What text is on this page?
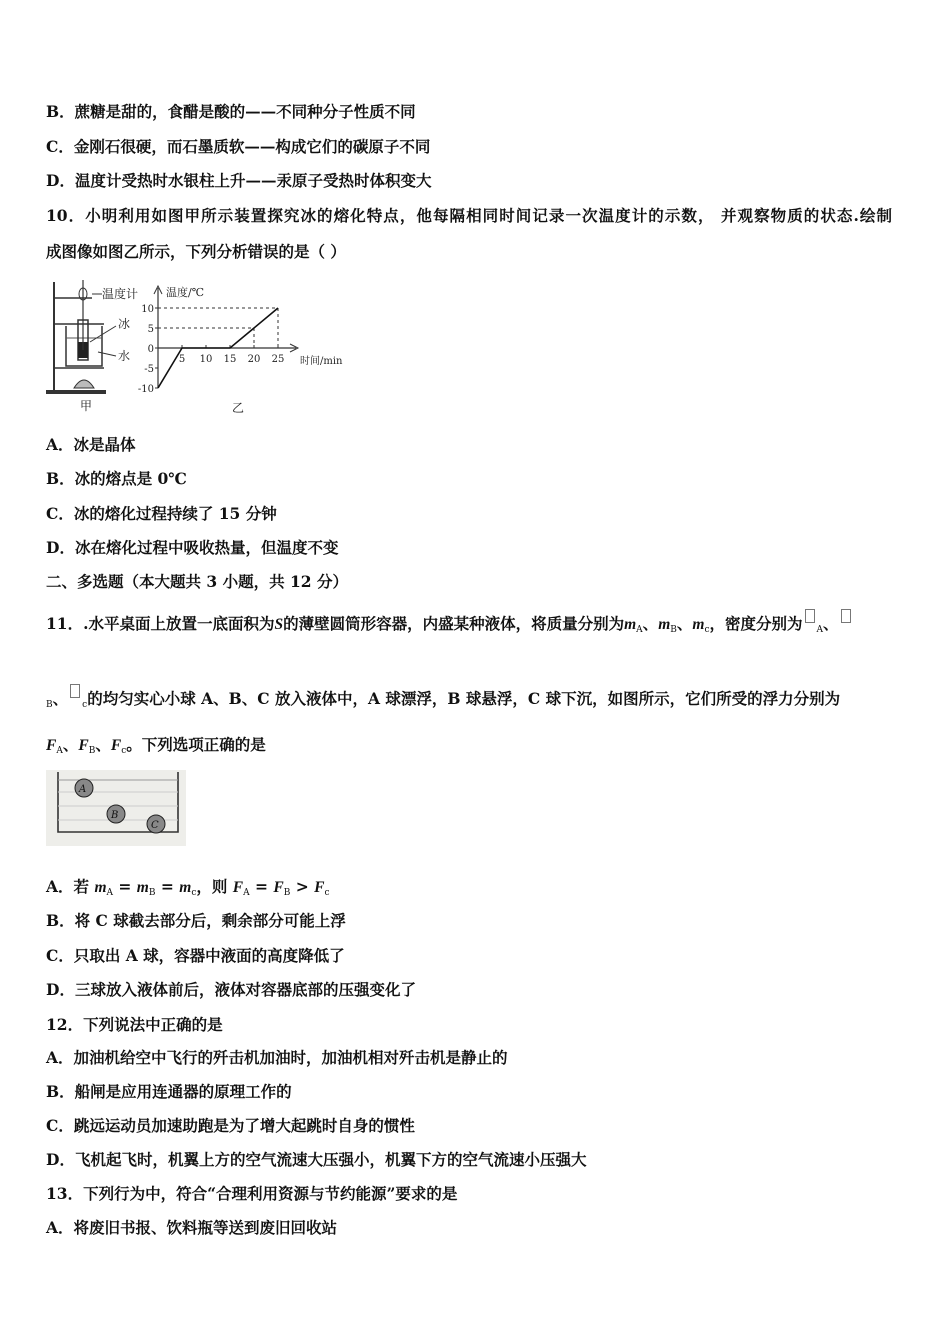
B．蔗糖是甜的，食醋是酸的——不同种分子性质不同
C．金刚石很硬，而石墨质软——构成它们的碳原子不同
D．温度计受热时水银柱上升——汞原子受热时体积变大
10．小明利用如图甲所示装置探究冰的熔化特点，他每隔相同时间记录一次温度计的示数， 并观察物质的状态.绘制
成图像如图乙所示，下列分析错误的是（ ）
温度计
冰
水
甲
温度/℃
时间/min
10
5
0
-5
-10
5 10 15 20 25
乙
A．冰是晶体
B．冰的熔点是 0℃
C．冰的熔化过程持续了 15 分钟
D．冰在熔化过程中吸收热量，但温度不变
二、多选题（本大题共 3 小题，共 12 分）
11．.水平桌面上放置一底面积为S的薄壁圆筒形容器，内盛某种液体，将质量分别为$m_A$、$m_B$、$m_c$，密度分别为 $_A$、
$_B$、 $_c$的均匀实心小球 A、B、C 放入液体中，A 球漂浮，B 球悬浮，C 球下沉，如图所示，它们所受的浮力分别为
$F_A$、$F_B$、$F_c$。下列选项正确的是
A
B
C
A．若 $m_A = m_B = m_c$，则 $F_A = F_B > F_c$
B．将 C 球截去部分后，剩余部分可能上浮
C．只取出 A 球，容器中液面的高度降低了
D．三球放入液体前后，液体对容器底部的压强变化了
12．下列说法中正确的是
A．加油机给空中飞行的歼击机加油时，加油机相对歼击机是静止的
B．船闸是应用连通器的原理工作的
C．跳远运动员加速助跑是为了增大起跳时自身的惯性
D．飞机起飞时，机翼上方的空气流速大压强小，机翼下方的空气流速小压强大
13．下列行为中，符合“合理利用资源与节约能源”要求的是
A．将废旧书报、饮料瓶等送到废旧回收站
